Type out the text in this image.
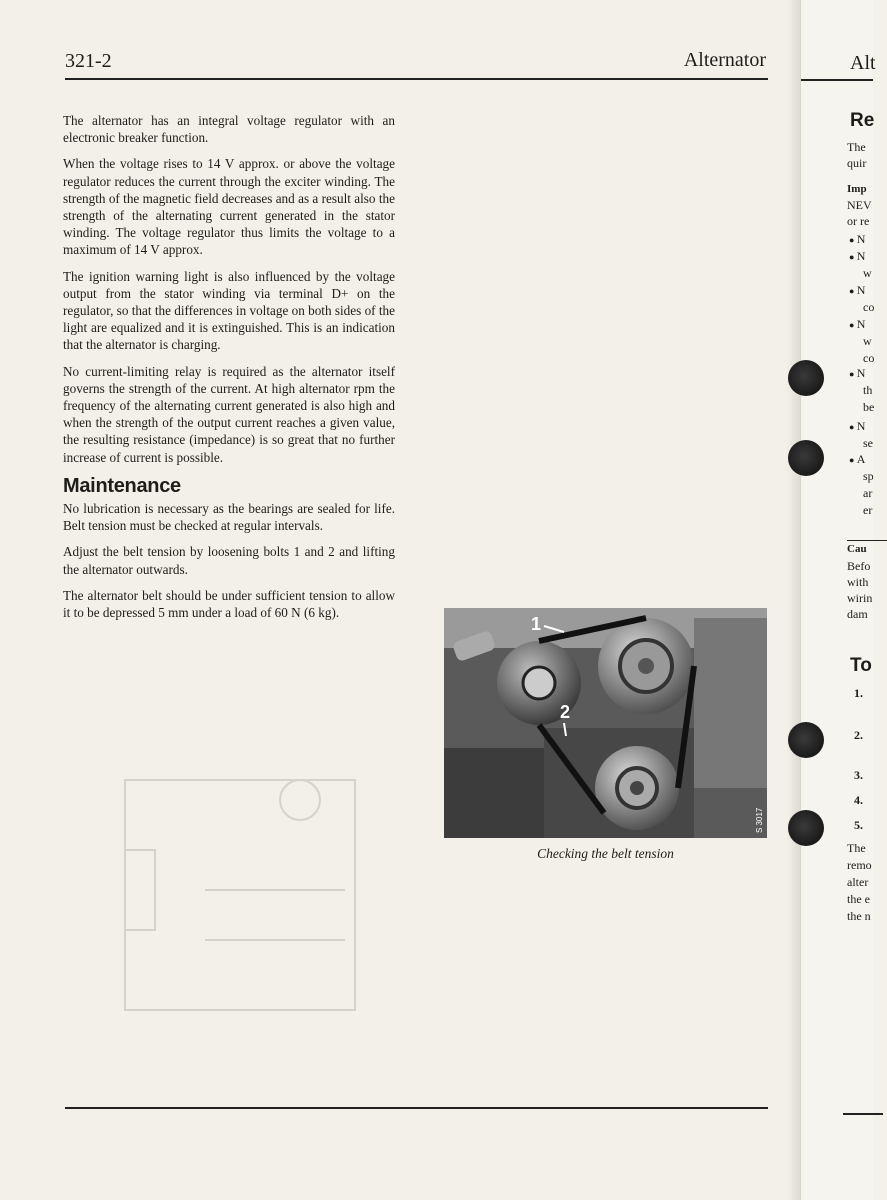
321-2	Alternator

The alternator has an integral voltage regulator with an electronic breaker function.

When the voltage rises to 14 V approx. or above the voltage regulator reduces the current through the exciter winding. The strength of the magnetic field decreases and as a result also the strength of the alternating current generated in the stator winding. The voltage regulator thus limits the voltage to a maximum of 14 V approx.

The ignition warning light is also influenced by the voltage output from the stator winding via terminal D+ on the regulator, so that the differences in voltage on both sides of the light are equalized and it is extinguished. This is an indication that the alternator is charging.

No current-limiting relay is required as the alternator itself governs the strength of the current. At high alternator rpm the frequency of the alternating current generated is also high and when the strength of the output current reaches a given value, the resulting resistance (impedance) is so great that no further increase of current is possible.

Maintenance

No lubrication is necessary as the bearings are sealed for life. Belt tension must be checked at regular intervals.

Adjust the belt tension by loosening bolts 1 and 2 and lifting the alternator outwards.

The alternator belt should be under sufficient tension to allow it to be depressed 5 mm under a load of 60 N (6 kg).

1
2
S 3017
Checking the belt tension
Alt
Re
The
quir
Imp
NEV
or re
● N
● N
w
● N
co
● N
w
co
● N
th
be
● N
se
● A
sp
ar
er
Cau
Befo
with
wirin
dam
To
1.
2.
3.
4.
5.
The
remo
alter
the e
the n
